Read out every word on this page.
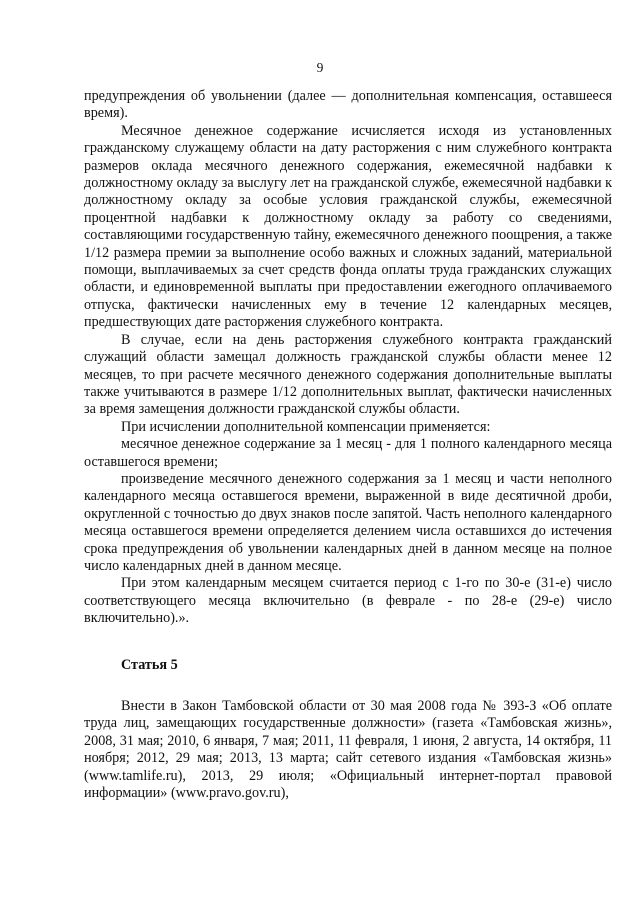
9

предупреждения об увольнении (далее — дополнительная компенсация, оставшееся время).

Месячное денежное содержание исчисляется исходя из установленных гражданскому служащему области на дату расторжения с ним служебного контракта размеров оклада месячного денежного содержания, ежемесячной надбавки к должностному окладу за выслугу лет на гражданской службе, ежемесячной надбавки к должностному окладу за особые условия гражданской службы, ежемесячной процентной надбавки к должностному окладу за работу со сведениями, составляющими государственную тайну, ежемесячного денежного поощрения, а также 1/12 размера премии за выполнение особо важных и сложных заданий, материальной помощи, выплачиваемых за счет средств фонда оплаты труда гражданских служащих области, и единовременной выплаты при предоставлении ежегодного оплачиваемого отпуска, фактически начисленных ему в течение 12 календарных месяцев, предшествующих дате расторжения служебного контракта.

В случае, если на день расторжения служебного контракта гражданский служащий области замещал должность гражданской службы области менее 12 месяцев, то при расчете месячного денежного содержания дополнительные выплаты также учитываются в размере 1/12 дополнительных выплат, фактически начисленных за время замещения должности гражданской службы области.

При исчислении дополнительной компенсации применяется:

месячное денежное содержание за 1 месяц - для 1 полного календарного месяца оставшегося времени;

произведение месячного денежного содержания за 1 месяц и части неполного календарного месяца оставшегося времени, выраженной в виде десятичной дроби, округленной с точностью до двух знаков после запятой. Часть неполного календарного месяца оставшегося времени определяется делением числа оставшихся до истечения срока предупреждения об увольнении календарных дней в данном месяце на полное число календарных дней в данном месяце.

При этом календарным месяцем считается период с 1-го по 30-е (31-е) число соответствующего месяца включительно (в феврале - по 28-е (29-е) число включительно).».

Статья 5

Внести в Закон Тамбовской области от 30 мая 2008 года № 393-З «Об оплате труда лиц, замещающих государственные должности» (газета «Тамбовская жизнь», 2008, 31 мая; 2010, 6 января, 7 мая; 2011, 11 февраля, 1 июня, 2 августа, 14 октября, 11 ноября; 2012, 29 мая; 2013, 13 марта; сайт сетевого издания «Тамбовская жизнь» (www.tamlife.ru), 2013, 29 июля; «Официальный интернет-портал правовой информации» (www.pravo.gov.ru),
